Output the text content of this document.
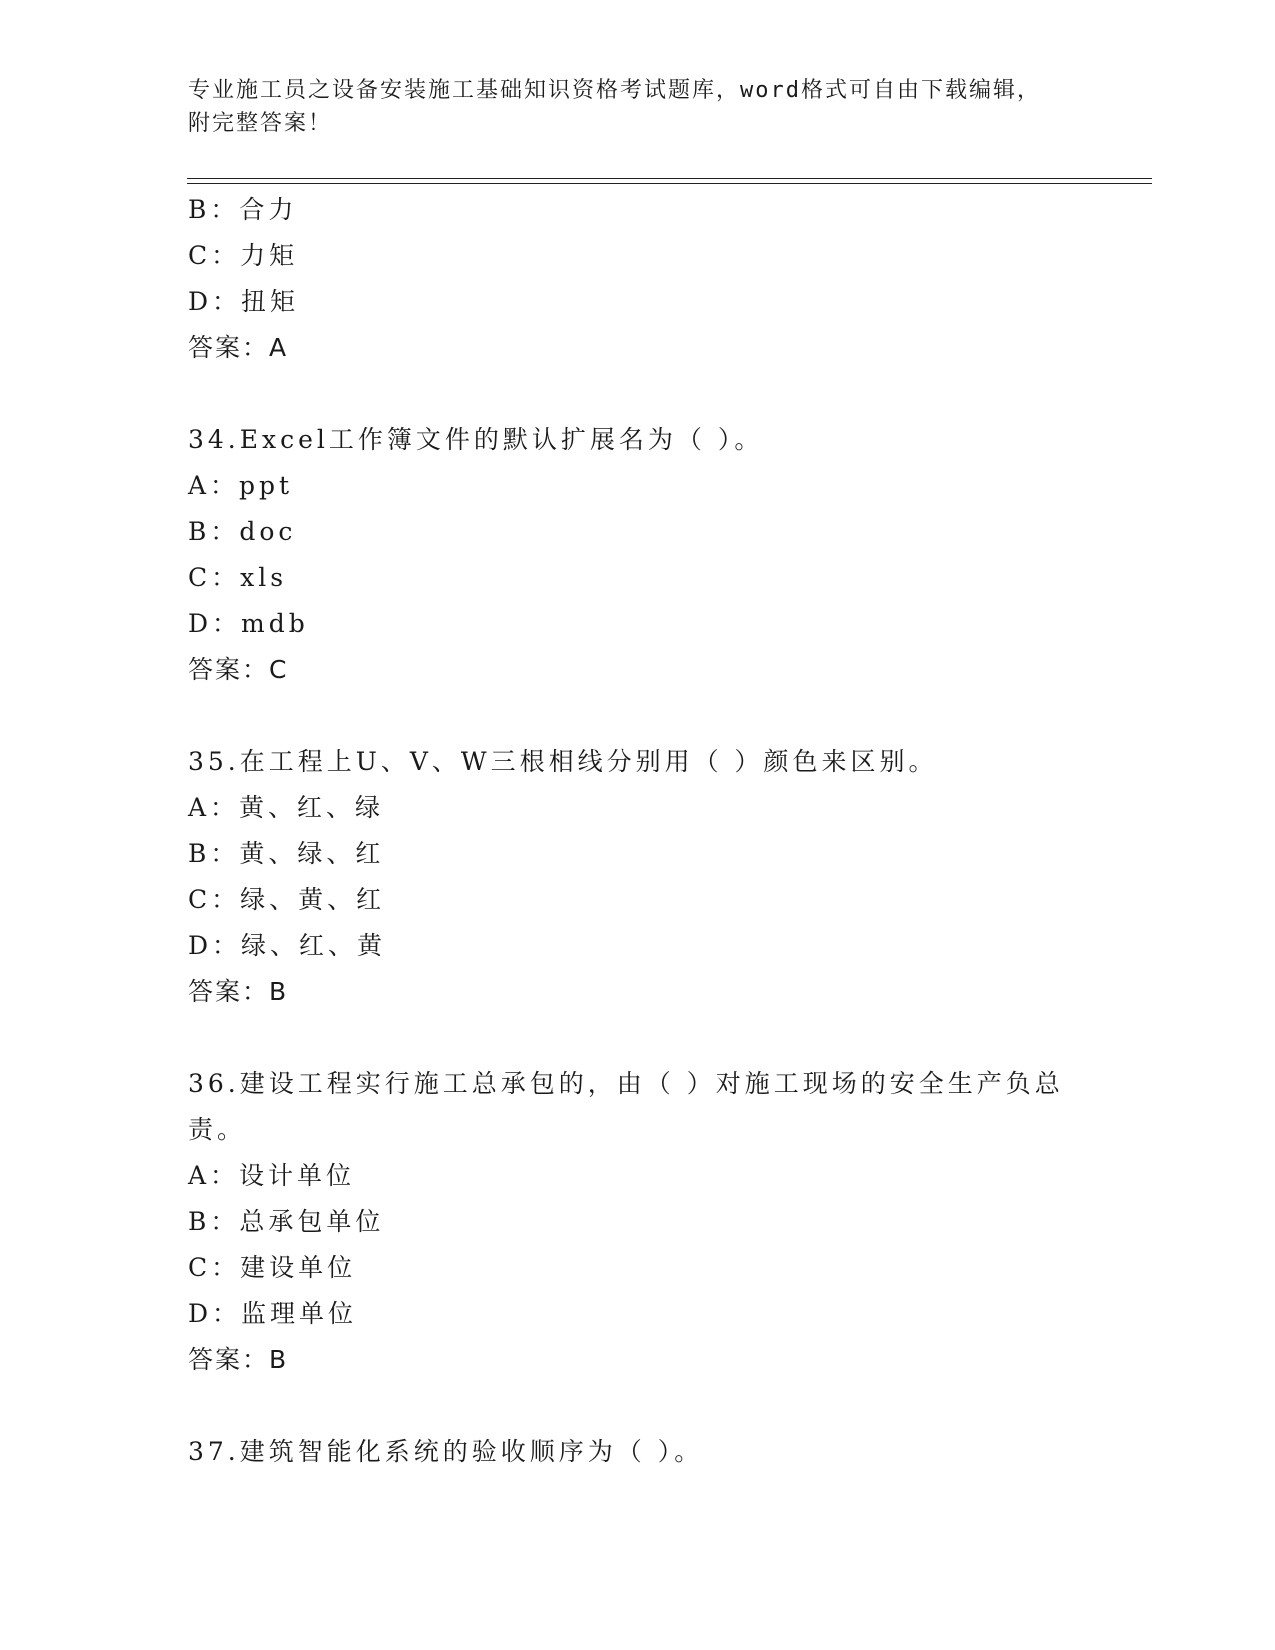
专业施工员之设备安装施工基础知识资格考试题库，word格式可自由下载编辑，
附完整答案！
B：合力
C：力矩
D：扭矩
答案：A
34.Excel工作簿文件的默认扩展名为（ ）。
A：ppt
B：doc
C：xls
D：mdb
答案：C
35.在工程上U、V、W三根相线分别用（ ）颜色来区别。
A：黄、红、绿
B：黄、绿、红
C：绿、黄、红
D：绿、红、黄
答案：B
36.建设工程实行施工总承包的，由（ ）对施工现场的安全生产负总责。
A：设计单位
B：总承包单位
C：建设单位
D：监理单位
答案：B
37.建筑智能化系统的验收顺序为（ ）。
